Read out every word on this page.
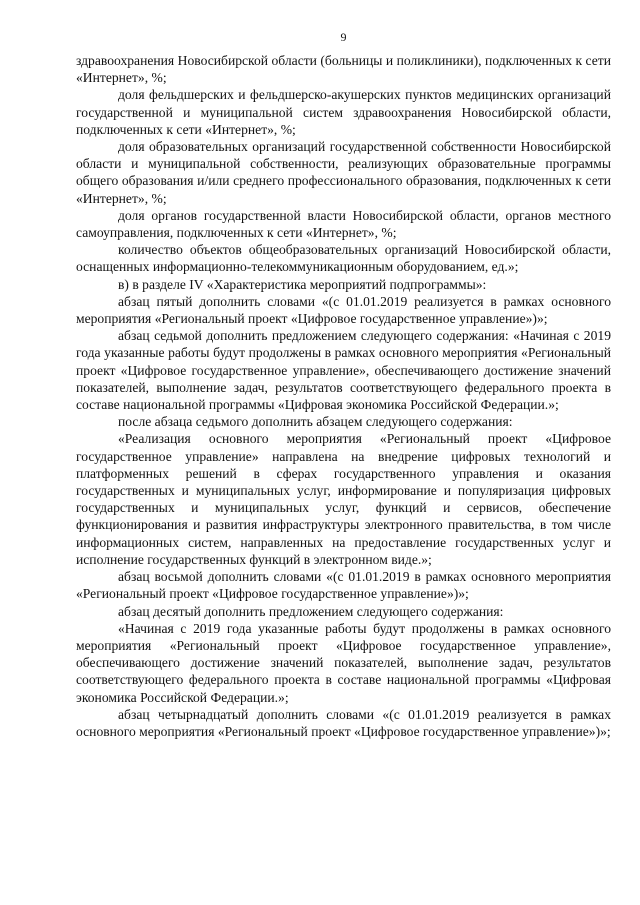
9

здравоохранения Новосибирской области (больницы и поликлиники), подключенных к сети «Интернет», %;

доля фельдшерских и фельдшерско-акушерских пунктов медицинских организаций государственной и муниципальной систем здравоохранения Новосибирской области, подключенных к сети «Интернет», %;

доля образовательных организаций государственной собственности Новосибирской области и муниципальной собственности, реализующих образовательные программы общего образования и/или среднего профессионального образования, подключенных к сети «Интернет», %;

доля органов государственной власти Новосибирской области, органов местного самоуправления, подключенных к сети «Интернет», %;

количество объектов общеобразовательных организаций Новосибирской области, оснащенных информационно-телекоммуникационным оборудованием, ед.»;

в) в разделе IV «Характеристика мероприятий подпрограммы»:

абзац пятый дополнить словами «(с 01.01.2019 реализуется в рамках основного мероприятия «Региональный проект «Цифровое государственное управление»)»;

абзац седьмой дополнить предложением следующего содержания: «Начиная с 2019 года указанные работы будут продолжены в рамках основного мероприятия «Региональный проект «Цифровое государственное управление», обеспечивающего достижение значений показателей, выполнение задач, результатов соответствующего федерального проекта в составе национальной программы «Цифровая экономика Российской Федерации.»;

после абзаца седьмого дополнить абзацем следующего содержания:

«Реализация основного мероприятия «Региональный проект «Цифровое государственное управление» направлена на внедрение цифровых технологий и платформенных решений в сферах государственного управления и оказания государственных и муниципальных услуг, информирование и популяризация цифровых государственных и муниципальных услуг, функций и сервисов, обеспечение функционирования и развития инфраструктуры электронного правительства, в том числе информационных систем, направленных на предоставление государственных услуг и исполнение государственных функций в электронном виде.»;

абзац восьмой дополнить словами «(с 01.01.2019 в рамках основного мероприятия «Региональный проект «Цифровое государственное управление»)»;

абзац десятый дополнить предложением следующего содержания:

«Начиная с 2019 года указанные работы будут продолжены в рамках основного мероприятия «Региональный проект «Цифровое государственное управление», обеспечивающего достижение значений показателей, выполнение задач, результатов соответствующего федерального проекта в составе национальной программы «Цифровая экономика Российской Федерации.»;

абзац четырнадцатый дополнить словами «(с 01.01.2019 реализуется в рамках основного мероприятия «Региональный проект «Цифровое государственное управление»)»;
